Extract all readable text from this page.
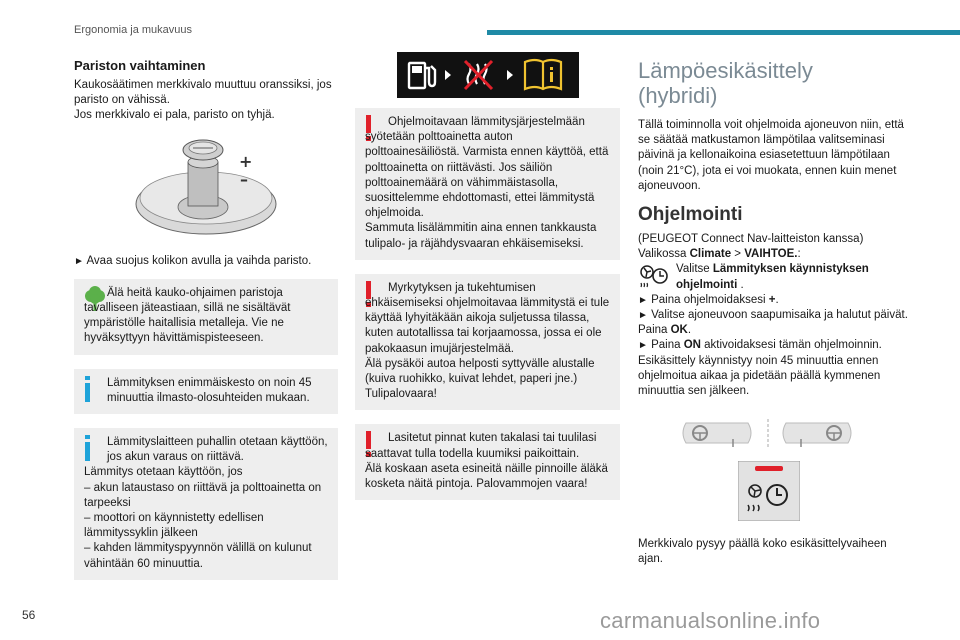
Ergonomia ja mukavuus
Pariston vaihtaminen
Kaukosäätimen merkkivalo muuttuu oranssiksi, jos paristo on vähissä.
Jos merkkivalo ei pala, paristo on tyhjä.
+
–
► Avaa suojus kolikon avulla ja vaihda paristo.
Älä heitä kauko-ohjaimen paristoja tavalliseen jäteastiaan, sillä ne sisältävät ympäristölle haitallisia metalleja. Vie ne hyväksyttyyn hävittämispisteeseen.
Lämmityksen enimmäiskesto on noin 45 minuuttia ilmasto-olosuhteiden mukaan.
Lämmityslaitteen puhallin otetaan käyttöön, jos akun varaus on riittävä.
Lämmitys otetaan käyttöön, jos
– akun lataustaso on riittävä ja polttoainetta on tarpeeksi
– moottori on käynnistetty edellisen lämmityssyklin jälkeen
– kahden lämmityspyynnön välillä on kulunut vähintään 60 minuuttia.
Ohjelmoitavaan lämmitysjärjestelmään syötetään polttoainetta auton polttoainesäiliöstä. Varmista ennen käyttöä, että polttoainetta on riittävästi. Jos säiliön polttoainemäärä on vähimmäistasolla, suosittelemme ehdottomasti, ettei lämmitystä ohjelmoida.
Sammuta lisälämmitin aina ennen tankkausta tulipalo- ja räjähdysvaaran ehkäisemiseksi.
Myrkytyksen ja tukehtumisen ehkäisemiseksi ohjelmoitavaa lämmitystä ei tule käyttää lyhyitäkään aikoja suljetussa tilassa, kuten autotallissa tai korjaamossa, jossa ei ole pakokaasun imujärjestelmää.
Älä pysäköi autoa helposti syttyvälle alustalle (kuiva ruohikko, kuivat lehdet, paperi jne.)
Tulipalovaara!
Lasitetut pinnat kuten takalasi tai tuulilasi saattavat tulla todella kuumiksi paikoittain.
Älä koskaan aseta esineitä näille pinnoille äläkä kosketa näitä pintoja. Palovammojen vaara!
Lämpöesikäsittely
(hybridi)
Tällä toiminnolla voit ohjelmoida ajoneuvon niin, että se säätää matkustamon lämpötilaa valitseminasi päivinä ja kellonaikoina esiasetettuun lämpötilaan (noin 21°C), jota ei voi muokata, ennen kuin menet ajoneuvoon.
Ohjelmointi
(PEUGEOT Connect Nav-laitteiston kanssa)
Valikossa Climate > VAIHTOE.:
Valitse Lämmityksen käynnistyksen ohjelmointi .
► Paina ohjelmoidaksesi +.
► Valitse ajoneuvoon saapumisaika ja halutut päivät. Paina OK.
► Paina ON aktivoidaksesi tämän ohjelmoinnin.
Esikäsittely käynnistyy noin 45 minuuttia ennen ohjelmoitua aikaa ja pidetään päällä kymmenen minuuttia sen jälkeen.
Merkkivalo pysyy päällä koko esikäsittelyvaiheen ajan.
56	carmanualsonline.info
